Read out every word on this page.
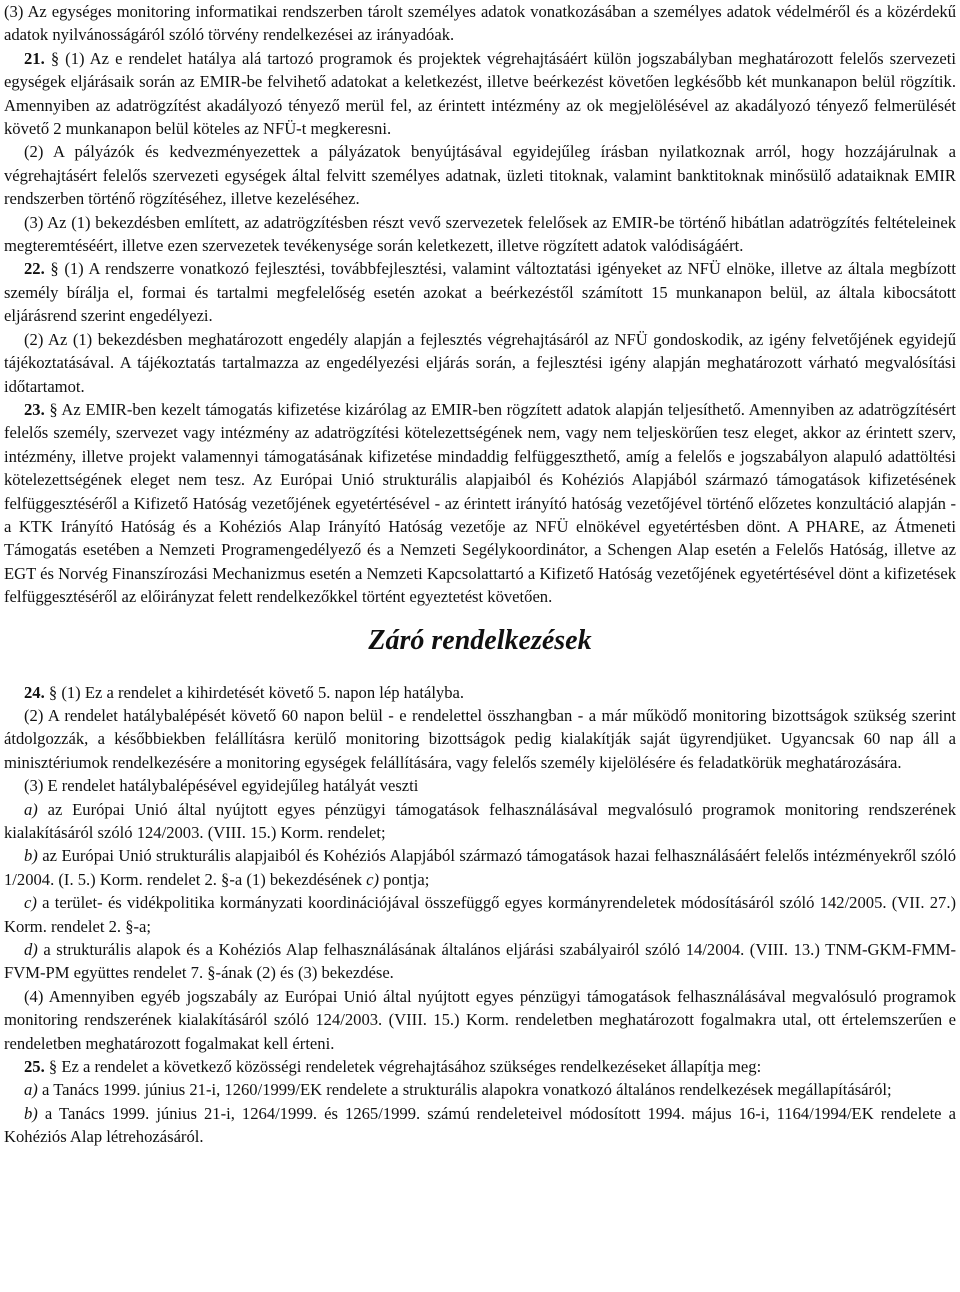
(3) Az egységes monitoring informatikai rendszerben tárolt személyes adatok vonatkozásában a személyes adatok védelméről és a közérdekű adatok nyilvánosságáról szóló törvény rendelkezései az irányadóak.

21. § (1) Az e rendelet hatálya alá tartozó programok és projektek végrehajtásáért külön jogszabályban meghatározott felelős szervezeti egységek eljárásaik során az EMIR-be felvihető adatokat a keletkezést, illetve beérkezést követően legkésőbb két munkanapon belül rögzítik. Amennyiben az adatrögzítést akadályozó tényező merül fel, az érintett intézmény az ok megjelölésével az akadályozó tényező felmerülését követő 2 munkanapon belül köteles az NFÜ-t megkeresni.

(2) A pályázók és kedvezményezettek a pályázatok benyújtásával egyidejűleg írásban nyilatkoznak arról, hogy hozzájárulnak a végrehajtásért felelős szervezeti egységek által felvitt személyes adatnak, üzleti titoknak, valamint banktitoknak minősülő adataiknak EMIR rendszerben történő rögzítéséhez, illetve kezeléséhez.

(3) Az (1) bekezdésben említett, az adatrögzítésben részt vevő szervezetek felelősek az EMIR-be történő hibátlan adatrögzítés feltételeinek megteremtéséért, illetve ezen szervezetek tevékenysége során keletkezett, illetve rögzített adatok valódiságáért.

22. § (1) A rendszerre vonatkozó fejlesztési, továbbfejlesztési, valamint változtatási igényeket az NFÜ elnöke, illetve az általa megbízott személy bírálja el, formai és tartalmi megfelelőség esetén azokat a beérkezéstől számított 15 munkanapon belül, az általa kibocsátott eljárásrend szerint engedélyezi.

(2) Az (1) bekezdésben meghatározott engedély alapján a fejlesztés végrehajtásáról az NFÜ gondoskodik, az igény felvetőjének egyidejű tájékoztatásával. A tájékoztatás tartalmazza az engedélyezési eljárás során, a fejlesztési igény alapján meghatározott várható megvalósítási időtartamot.

23. § Az EMIR-ben kezelt támogatás kifizetése kizárólag az EMIR-ben rögzített adatok alapján teljesíthető. Amennyiben az adatrögzítésért felelős személy, szervezet vagy intézmény az adatrögzítési kötelezettségének nem, vagy nem teljeskörűen tesz eleget, akkor az érintett szerv, intézmény, illetve projekt valamennyi támogatásának kifizetése mindaddig felfüggeszthető, amíg a felelős e jogszabályon alapuló adattöltési kötelezettségének eleget nem tesz. Az Európai Unió strukturális alapjaiból és Kohéziós Alapjából származó támogatások kifizetésének felfüggesztéséről a Kifizető Hatóság vezetőjének egyetértésével - az érintett irányító hatóság vezetőjével történő előzetes konzultáció alapján - a KTK Irányító Hatóság és a Kohéziós Alap Irányító Hatóság vezetője az NFÜ elnökével egyetértésben dönt. A PHARE, az Átmeneti Támogatás esetében a Nemzeti Programengedélyező és a Nemzeti Segélykoordinátor, a Schengen Alap esetén a Felelős Hatóság, illetve az EGT és Norvég Finanszírozási Mechanizmus esetén a Nemzeti Kapcsolattartó a Kifizető Hatóság vezetőjének egyetértésével dönt a kifizetések felfüggesztéséről az előirányzat felett rendelkezőkkel történt egyeztetést követően.

Záró rendelkezések

24. § (1) Ez a rendelet a kihirdetését követő 5. napon lép hatályba.

(2) A rendelet hatálybalépését követő 60 napon belül - e rendelettel összhangban - a már működő monitoring bizottságok szükség szerint átdolgozzák, a későbbiekben felállításra kerülő monitoring bizottságok pedig kialakítják saját ügyrendjüket. Ugyancsak 60 nap áll a minisztériumok rendelkezésére a monitoring egységek felállítására, vagy felelős személy kijelölésére és feladatkörük meghatározására.

(3) E rendelet hatálybalépésével egyidejűleg hatályát veszti

a) az Európai Unió által nyújtott egyes pénzügyi támogatások felhasználásával megvalósuló programok monitoring rendszerének kialakításáról szóló 124/2003. (VIII. 15.) Korm. rendelet;

b) az Európai Unió strukturális alapjaiból és Kohéziós Alapjából származó támogatások hazai felhasználásáért felelős intézményekről szóló 1/2004. (I. 5.) Korm. rendelet 2. §-a (1) bekezdésének c) pontja;

c) a terület- és vidékpolitika kormányzati koordinációjával összefüggő egyes kormányrendeletek módosításáról szóló 142/2005. (VII. 27.) Korm. rendelet 2. §-a;

d) a strukturális alapok és a Kohéziós Alap felhasználásának általános eljárási szabályairól szóló 14/2004. (VIII. 13.) TNM-GKM-FMM-FVM-PM együttes rendelet 7. §-ának (2) és (3) bekezdése.

(4) Amennyiben egyéb jogszabály az Európai Unió által nyújtott egyes pénzügyi támogatások felhasználásával megvalósuló programok monitoring rendszerének kialakításáról szóló 124/2003. (VIII. 15.) Korm. rendeletben meghatározott fogalmakra utal, ott értelemszerűen e rendeletben meghatározott fogalmakat kell érteni.

25. § Ez a rendelet a következő közösségi rendeletek végrehajtásához szükséges rendelkezéseket állapítja meg:

a) a Tanács 1999. június 21-i, 1260/1999/EK rendelete a strukturális alapokra vonatkozó általános rendelkezések megállapításáról;

b) a Tanács 1999. június 21-i, 1264/1999. és 1265/1999. számú rendeleteivel módosított 1994. május 16-i, 1164/1994/EK rendelete a Kohéziós Alap létrehozásáról.
